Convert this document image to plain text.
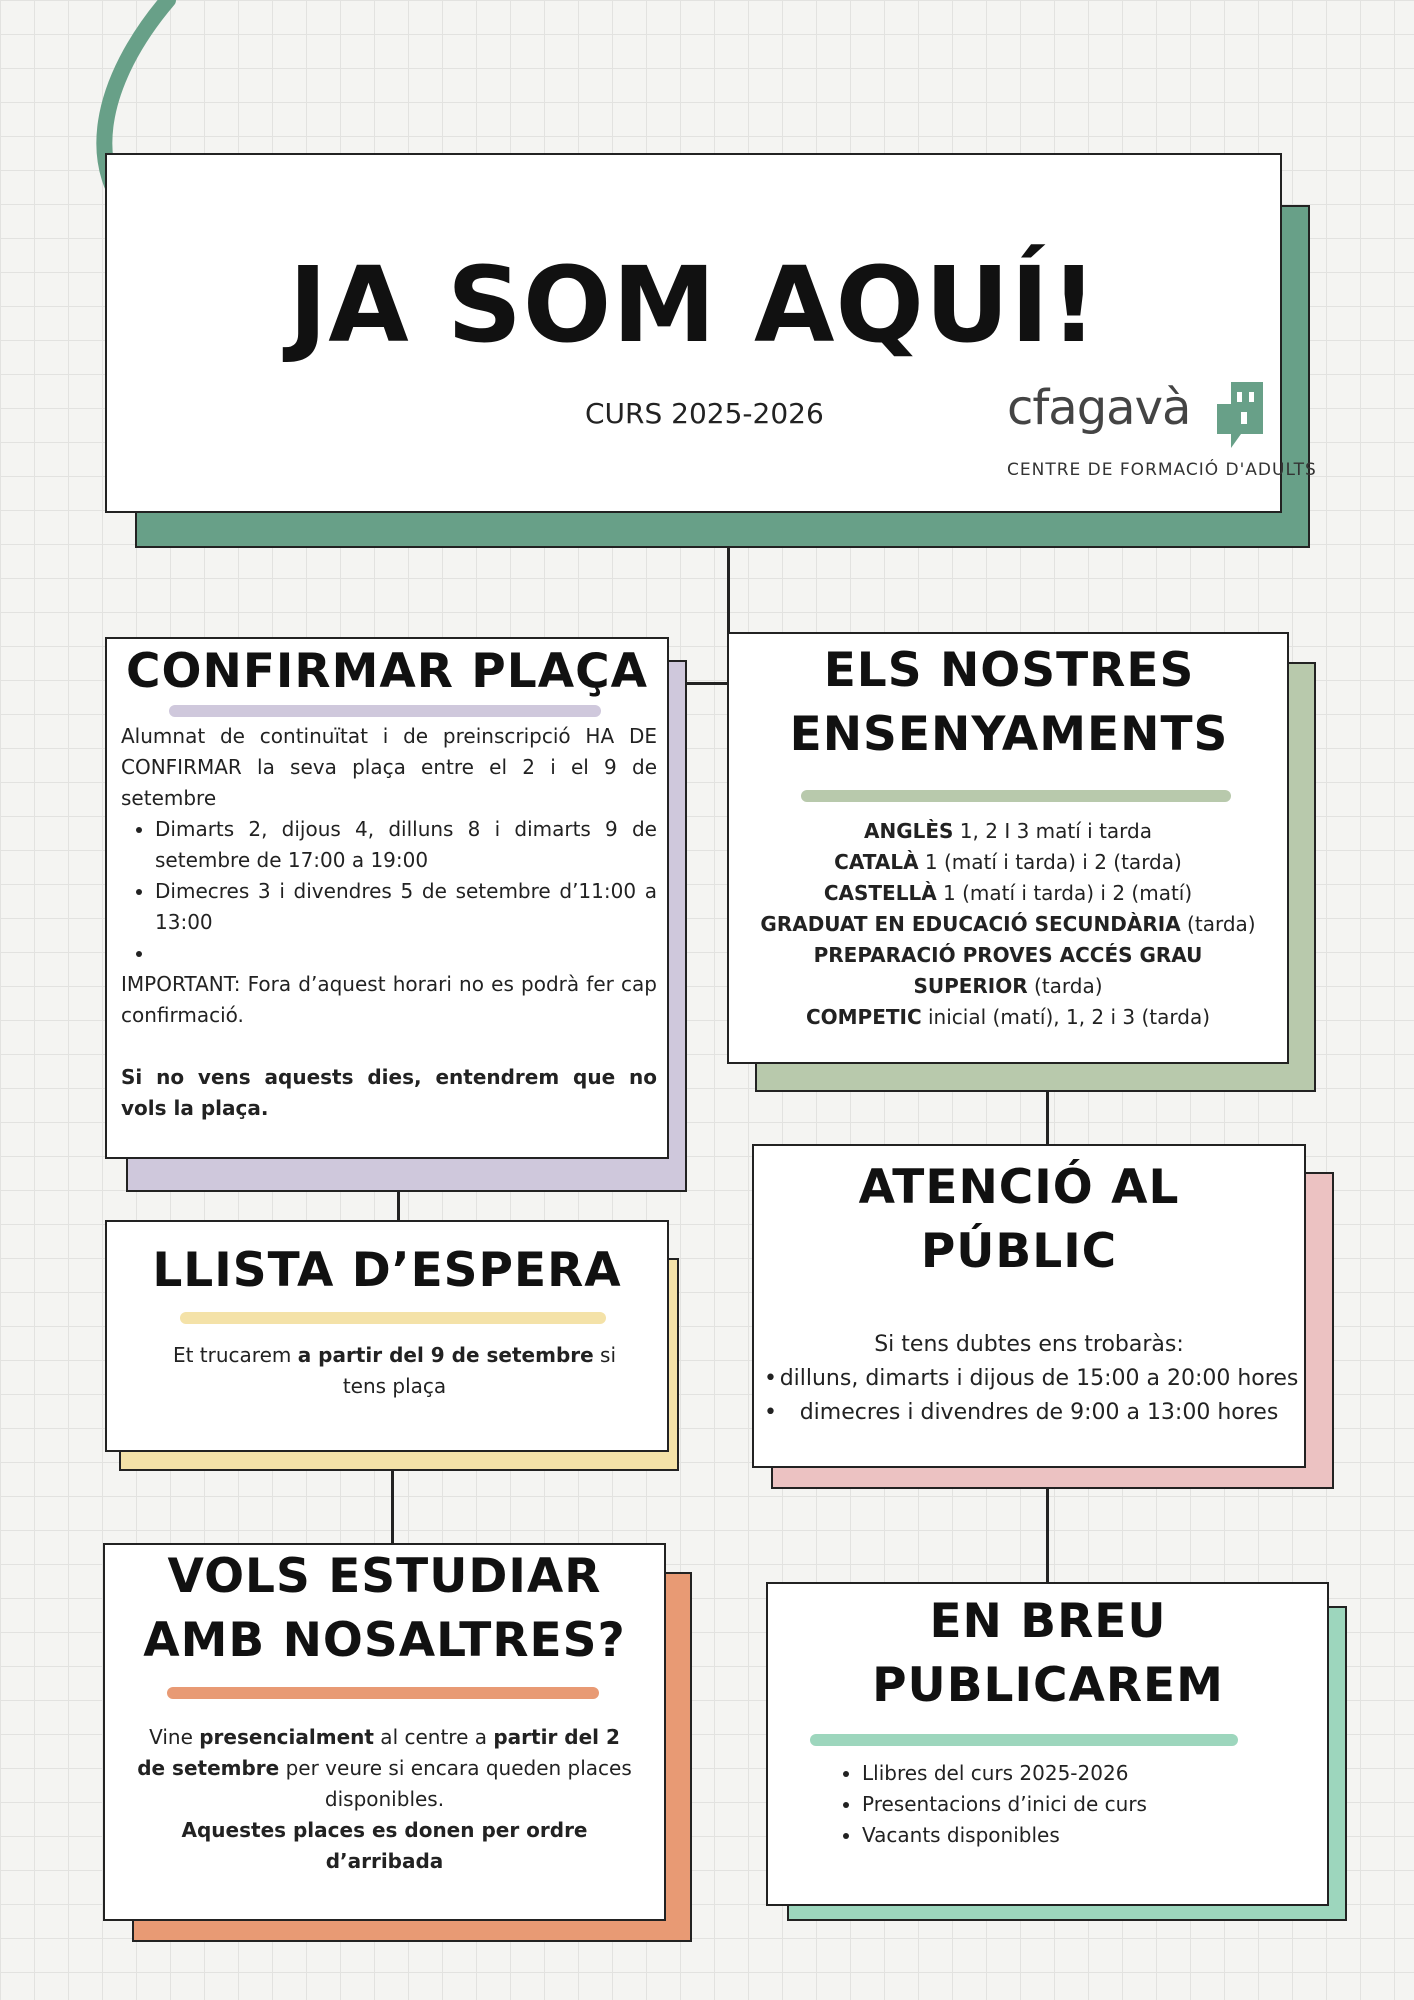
JA SOM AQUÍ!
CURS 2025-2026	cfagavà
CENTRE DE FORMACIÓ D'ADULTS
CONFIRMAR PLAÇA
Alumnat de continuïtat i de preinscripció HA DE CONFIRMAR la seva plaça entre el 2 i el 9 de setembre
• Dimarts 2, dijous 4, dilluns 8 i dimarts 9 de setembre de 17:00 a 19:00
• Dimecres 3 i divendres 5 de setembre d’11:00 a 13:00
•
IMPORTANT: Fora d’aquest horari no es podrà fer cap confirmació.
Si no vens aquests dies, entendrem que no vols la plaça.
ELS NOSTRES ENSENYAMENTS
ANGLÈS 1, 2 I 3 matí i tarda
CATALÀ 1 (matí i tarda) i 2 (tarda)
CASTELLÀ 1 (matí i tarda) i 2 (matí)
GRADUAT EN EDUCACIÓ SECUNDÀRIA (tarda)
PREPARACIÓ PROVES ACCÉS GRAU SUPERIOR (tarda)
COMPETIC inicial (matí), 1, 2 i 3 (tarda)
LLISTA D’ESPERA
Et trucarem a partir del 9 de setembre si tens plaça
ATENCIÓ AL PÚBLIC
Si tens dubtes ens trobaràs:
• dilluns, dimarts i dijous de 15:00 a 20:00 hores
• dimecres i divendres de 9:00 a 13:00 hores
VOLS ESTUDIAR AMB NOSALTRES?
Vine presencialment al centre a partir del 2 de setembre per veure si encara queden places disponibles.
Aquestes places es donen per ordre d’arribada
EN BREU PUBLICAREM
• Llibres del curs 2025-2026
• Presentacions d’inici de curs
• Vacants disponibles
